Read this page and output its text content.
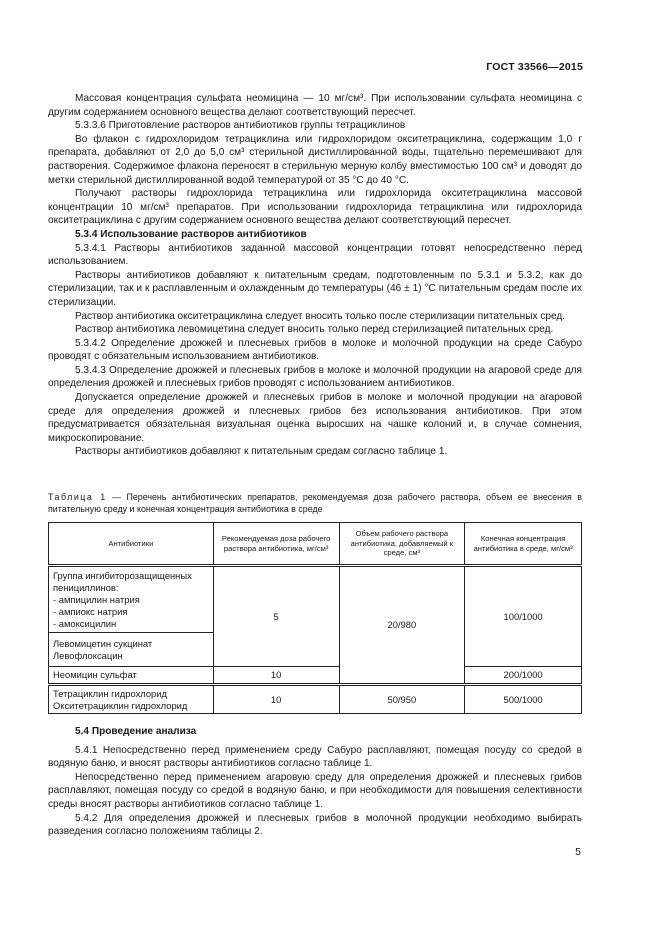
ГОСТ 33566—2015

Массовая концентрация сульфата неомицина — 10 мг/см³. При использовании сульфата неомицина с другим содержанием основного вещества делают соответствующий пересчет.

5.3.3.6 Приготовление растворов антибиотиков группы тетрациклинов

Во флакон с гидрохлоридом тетрациклина или гидрохлоридом окситетрациклина, содержащим 1,0 г препарата, добавляют от 2,0 до 5,0 см³ стерильной дистиллированной воды, тщательно перемешивают для растворения. Содержимое флакона переносят в стерильную мерную колбу вместимостью 100 см³ и доводят до метки стерильной дистиллированной водой температурой от 35 °С до 40 °С.

Получают растворы гидрохлорида тетрациклина или гидрохлорида окситетрациклина массовой концентрации 10 мг/см³ препаратов. При использовании гидрохлорида тетрациклина или гидрохлорида окситетрациклина с другим содержанием основного вещества делают соответствующий пересчет.

5.3.4 Использование растворов антибиотиков

5.3.4.1 Растворы антибиотиков заданной массовой концентрации готовят непосредственно перед использованием.

Растворы антибиотиков добавляют к питательным средам, подготовленным по 5.3.1 и 5.3.2, как до стерилизации, так и к расплавленным и охлажденным до температуры (46 ± 1) °С питательным средам после их стерилизации.

Раствор антибиотика окситетрациклина следует вносить только после стерилизации питательных сред.

Раствор антибиотика левомицетина следует вносить только перед стерилизацией питательных сред.

5.3.4.2 Определение дрожжей и плесневых грибов в молоке и молочной продукции на среде Сабуро проводят с обязательным использованием антибиотиков.

5.3.4.3 Определение дрожжей и плесневых грибов в молоке и молочной продукции на агаровой среде для определения дрожжей и плесневых грибов проводят с использованием антибиотиков.

Допускается определение дрожжей и плесневых грибов в молоке и молочной продукции на агаровой среде для определения дрожжей и плесневых грибов без использования антибиотиков. При этом предусматривается обязательная визуальная оценка выросших на чашке колоний и, в случае сомнения, микроскопирование.

Растворы антибиотиков добавляют к питательным средам согласно таблице 1.

Таблица 1 — Перечень антибиотических препаратов, рекомендуемая доза рабочего раствора, объем ее внесения в питательную среду и конечная концентрация антибиотика в среде
Антибиотики	Рекомендуемая доза рабочего раствора антибиотика, мг/см³	Объем рабочего раствора антибиотика, добавляемый к среде, см³	Конечная концентрация антибиотика в среде, мг/см³

Группа ингибиторозащищенных пенициллинов:
- ампицилин натрия
- ампиокс натрия
- амоксицилин	5	20/980	100/1000

Левомицетин сукцинат
Левофлоксацин			

Неомицин сульфат	10		200/1000

Тетрациклин гидрохлорид
Окситетрациклин гидрохлорид	10	50/950	500/1000

5.4 Проведение анализа

5.4.1 Непосредственно перед применением среду Сабуро расплавляют, помещая посуду со средой в водяную баню, и вносят растворы антибиотиков согласно таблице 1.

Непосредственно перед применением агаровую среду для определения дрожжей и плесневых грибов расплавляют, помещая посуду со средой в водяную баню, и при необходимости для повышения селективности среды вносят растворы антибиотиков согласно таблице 1.

5.4.2 Для определения дрожжей и плесневых грибов в молочной продукции необходимо выбирать разведения согласно положениям таблицы 2.

5
